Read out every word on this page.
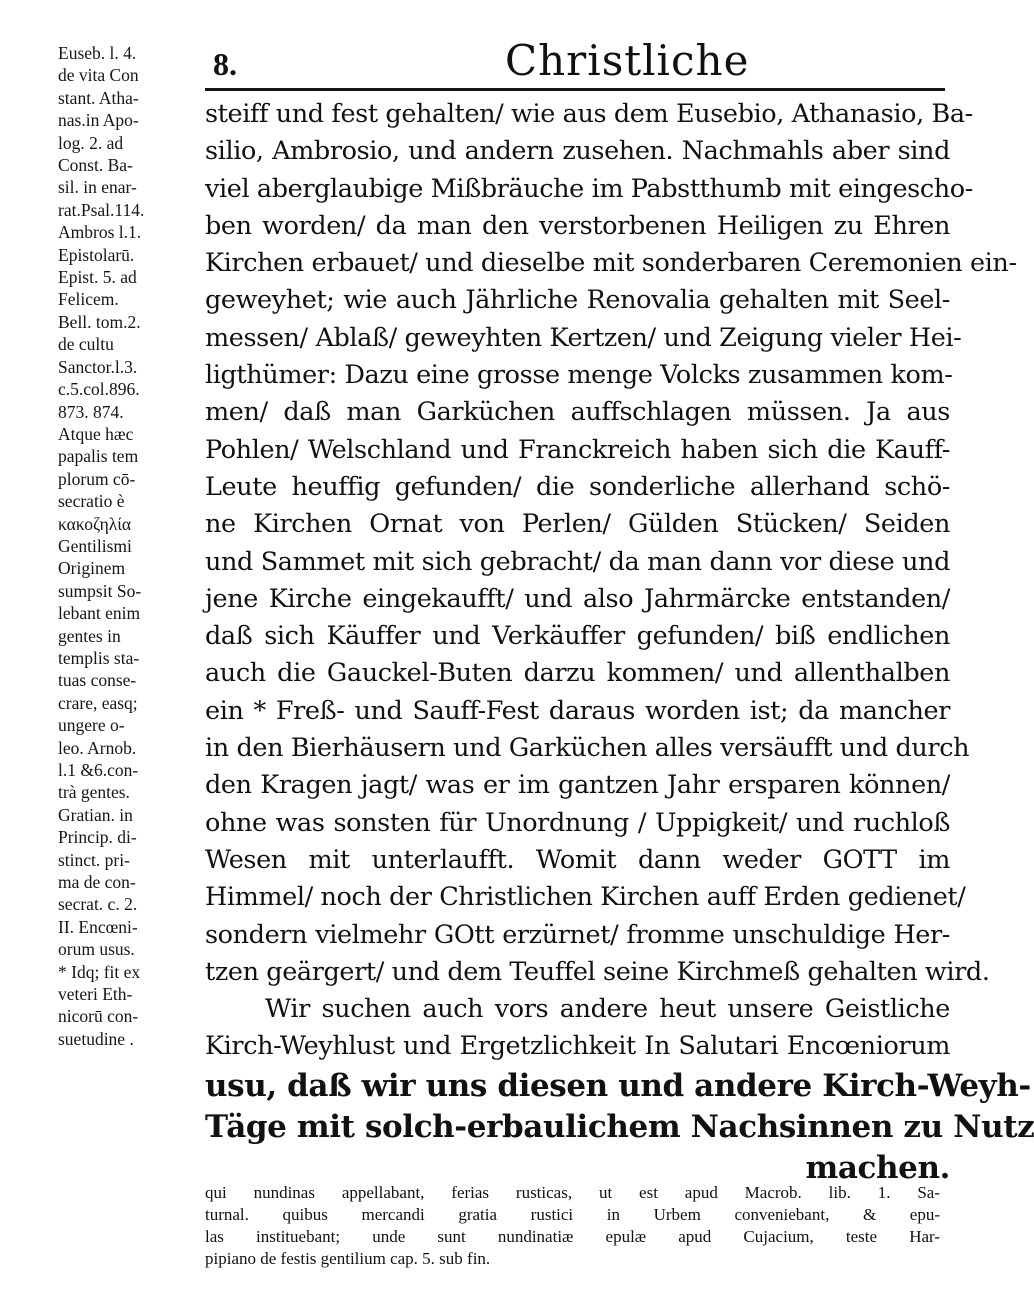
8.	Christliche
Euseb. l. 4.
de vita Con
stant. Atha-
nas.in Apo-
log. 2. ad
Const. Ba-
sil. in enar-
rat.Psal.114.
Ambros l.1.
Epistolarū.
Epist. 5. ad
Felicem.
Bell. tom.2.
de cultu
Sanctor.l.3.
c.5.col.896.
873. 874.
Atque hæc
papalis tem
plorum cō-
secratio è
κακοζηλία
Gentilismi
Originem
sumpsit So-
lebant enim
gentes in
templis sta-
tuas conse-
crare, easq;
ungere o-
leo. Arnob.
l.1 &6.con-
trà gentes.
Gratian. in
Princip. di-
stinct. pri-
ma de con-
secrat. c. 2.
II. Encœni-
orum usus.
* Idq; fit ex
veteri Eth-
nicorū con-
suetudine .
steiff und fest gehalten/ wie aus dem Eusebio, Athanasio, Ba-
silio, Ambrosio, und andern zusehen. Nachmahls aber sind
viel aberglaubige Mißbräuche im Pabstthumb mit eingescho-
ben worden/ da man den verstorbenen Heiligen zu Ehren
Kirchen erbauet/ und dieselbe mit sonderbaren Ceremonien ein-
geweyhet; wie auch Jährliche Renovalia gehalten mit Seel-
messen/ Ablaß/ geweyhten Kertzen/ und Zeigung vieler Hei-
ligthümer: Dazu eine grosse menge Volcks zusammen kom-
men/ daß man Garküchen auffschlagen müssen. Ja aus
Pohlen/ Welschland und Franckreich haben sich die Kauff-
Leute heuffig gefunden/ die sonderliche allerhand schö-
ne Kirchen Ornat von Perlen/ Gülden Stücken/ Seiden
und Sammet mit sich gebracht/ da man dann vor diese und
jene Kirche eingekaufft/ und also Jahrmärcke entstanden/
daß sich Käuffer und Verkäuffer gefunden/ biß endlichen
auch die Gauckel-Buten darzu kommen/ und allenthalben
ein * Freß- und Sauff-Fest daraus worden ist; da mancher
in den Bierhäusern und Garküchen alles versäufft und durch
den Kragen jagt/ was er im gantzen Jahr ersparen können/
ohne was sonsten für Unordnung / Uppigkeit/ und ruchloß
Wesen mit unterlaufft. Womit dann weder GOTT im
Himmel/ noch der Christlichen Kirchen auff Erden gedienet/
sondern vielmehr GOtt erzürnet/ fromme unschuldige Her-
tzen geärgert/ und dem Teuffel seine Kirchmeß gehalten wird.
Wir suchen auch vors andere heut unsere Geistliche
Kirch-Weyhlust und Ergetzlichkeit In Salutari Encœniorum
usu, daß wir uns diesen und andere Kirch-Weyh-
Täge mit solch-erbaulichem Nachsinnen zu Nutz
machen.
qui nundinas appellabant, ferias rusticas, ut est apud Macrob. lib. 1. Sa-
turnal. quibus mercandi gratia rustici in Urbem conveniebant, & epu-
las instituebant; unde sunt nundinatiæ epulæ apud Cujacium, teste Har-
pipiano de festis gentilium cap. 5. sub fin.
